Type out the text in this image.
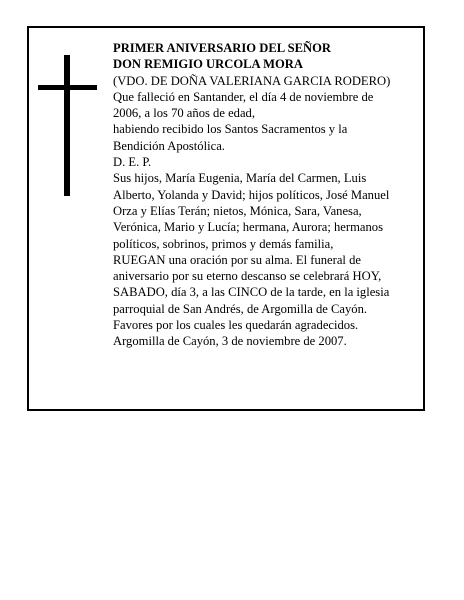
PRIMER ANIVERSARIO DEL SEÑOR
DON REMIGIO URCOLA MORA
(VDO. DE DOÑA VALERIANA GARCIA RODERO)
Que falleció en Santander, el día 4 de noviembre de
2006, a los 70 años de edad,
habiendo recibido los Santos Sacramentos y la
Bendición Apostólica.
D. E. P.
Sus hijos, María Eugenia, María del Carmen, Luis
Alberto, Yolanda y David; hijos políticos, José Manuel
Orza y Elías Terán; nietos, Mónica, Sara, Vanesa,
Verónica, Mario y Lucía; hermana, Aurora; hermanos
políticos, sobrinos, primos y demás familia,
RUEGAN una oración por su alma. El funeral de
aniversario por su eterno descanso se celebrará HOY,
SABADO, día 3, a las CINCO de la tarde, en la iglesia
parroquial de San Andrés, de Argomilla de Cayón.
Favores por los cuales les quedarán agradecidos.
Argomilla de Cayón, 3 de noviembre de 2007.
